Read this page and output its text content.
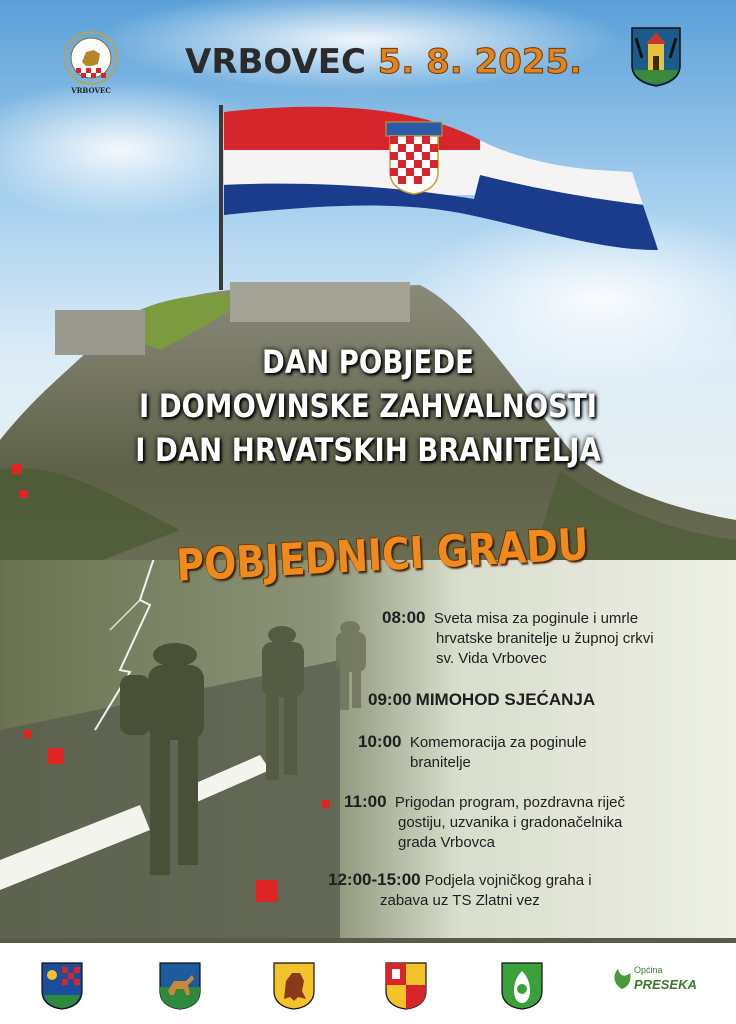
VRBOVEC
VRBOVEC 5. 8. 2025.
DAN POBJEDE
I DOMOVINSKE ZAHVALNOSTI
I DAN HRVATSKIH BRANITELJA
POBJEDNICI GRADU
08:00 Sveta misa za poginule i umrle
hrvatske branitelje u župnoj crkvi
sv. Vida Vrbovec
09:00 MIMOHOD SJEĆANJA
10:00 Komemoracija za poginule
branitelje
11:00 Prigodan program, pozdravna riječ
gostiju, uzvanika i gradonačelnika
grada Vrbovca
12:00-15:00 Podjela vojničkog graha i
zabava uz TS Zlatni vez
Općina
PRESEKA
